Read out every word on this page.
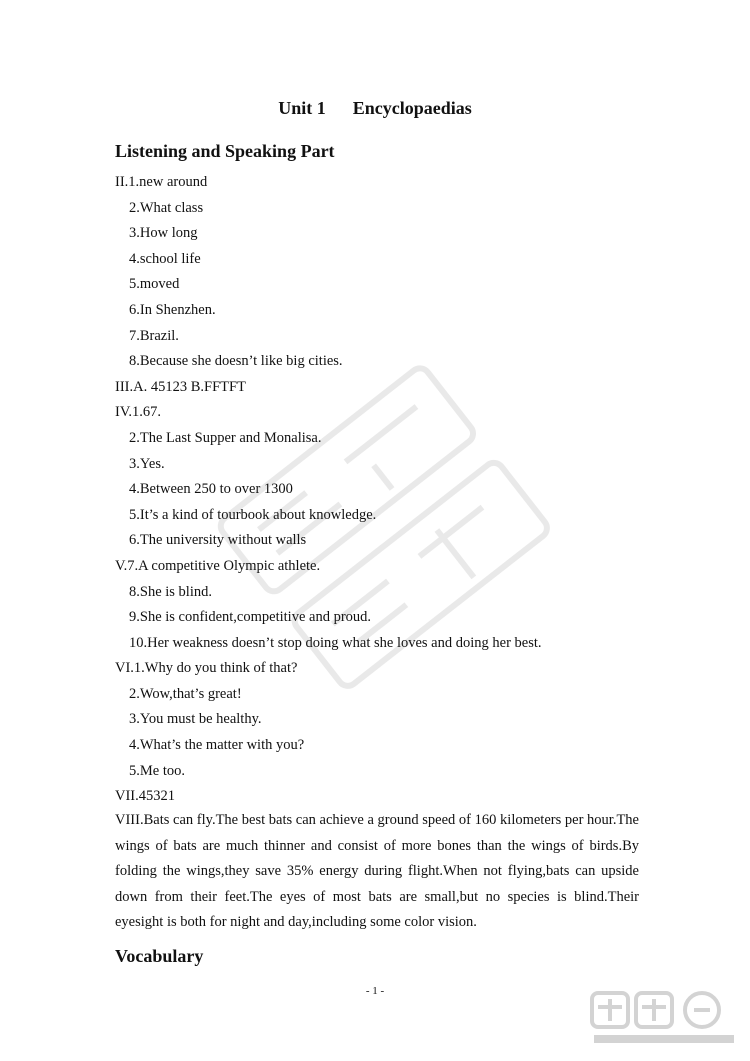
Unit 1      Encyclopaedias
Listening and Speaking Part
II.1.new around
2.What class
3.How long
4.school life
5.moved
6.In Shenzhen.
7.Brazil.
8.Because she doesn’t like big cities.
III.A. 45123 B.FFTFT
IV.1.67.
2.The Last Supper and Monalisa.
3.Yes.
4.Between 250 to over 1300
5.It’s a kind of tourbook about knowledge.
6.The university without walls
V.7.A competitive Olympic athlete.
8.She is blind.
9.She is confident,competitive and proud.
10.Her weakness doesn’t stop doing what she loves and doing her best.
VI.1.Why do you think of that?
2.Wow,that’s great!
3.You must be healthy.
4.What’s the matter with you?
5.Me too.
VII.45321

VIII.Bats can fly.The best bats can achieve a ground speed of 160 kilometers per hour.The wings of bats are much thinner and consist of more bones than the wings of birds.By folding the wings,they save 35% energy during flight.When not flying,bats can upside down from their feet.The eyes of most bats are small,but no species is blind.Their eyesight is both for night and day,including some color vision.

Vocabulary
- 1 -
